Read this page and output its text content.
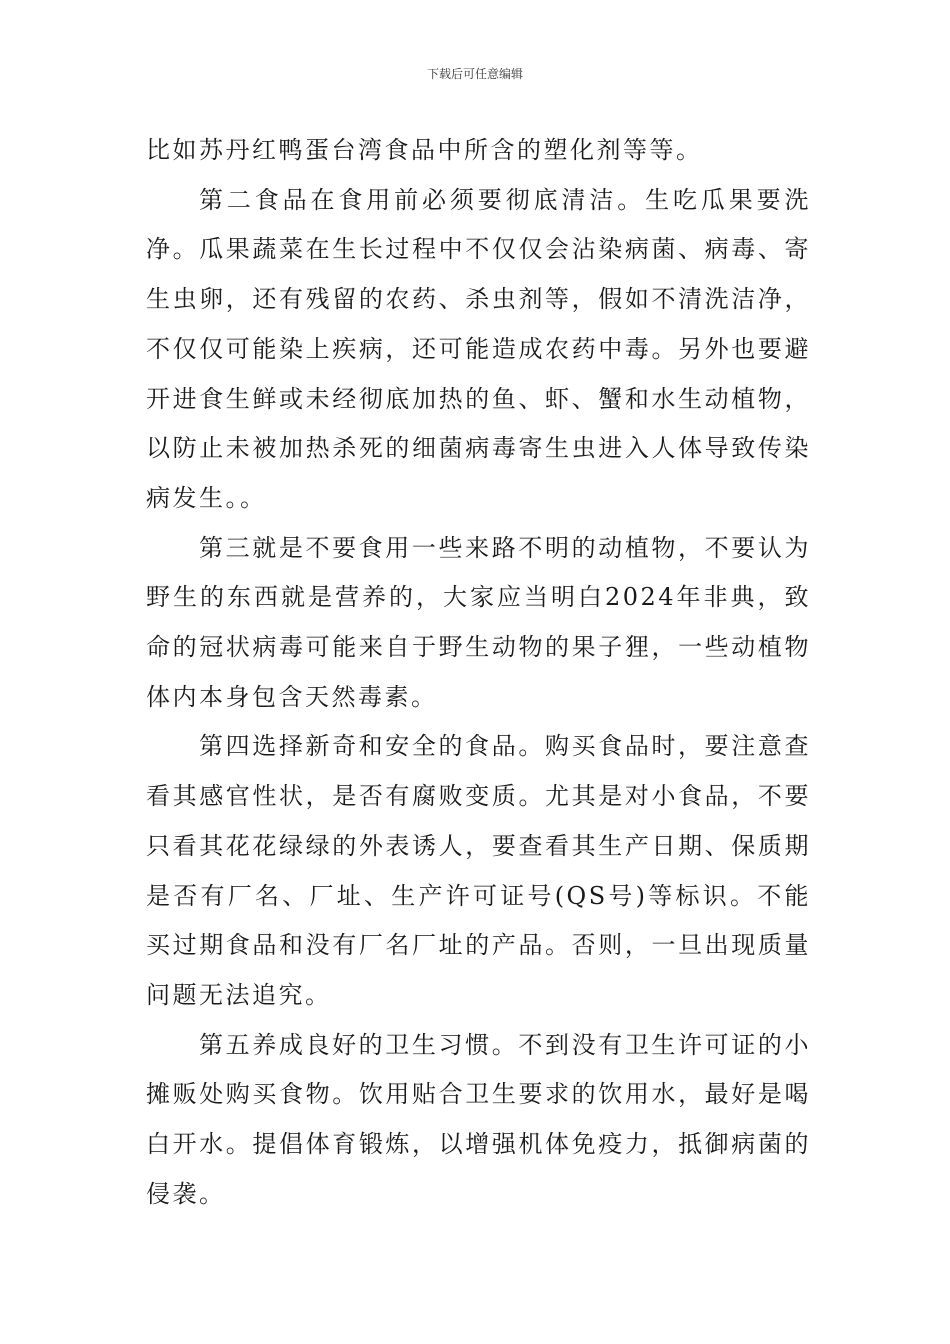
下载后可任意编辑

比如苏丹红鸭蛋台湾食品中所含的塑化剂等等。

第二食品在食用前必须要彻底清洁。生吃瓜果要洗净。瓜果蔬菜在生长过程中不仅仅会沾染病菌、病毒、寄生虫卵，还有残留的农药、杀虫剂等，假如不清洗洁净，不仅仅可能染上疾病，还可能造成农药中毒。另外也要避开进食生鲜或未经彻底加热的鱼、虾、蟹和水生动植物，以防止未被加热杀死的细菌病毒寄生虫进入人体导致传染病发生。。

第三就是不要食用一些来路不明的动植物，不要认为野生的东西就是营养的，大家应当明白2024年非典，致命的冠状病毒可能来自于野生动物的果子狸，一些动植物体内本身包含天然毒素。

第四选择新奇和安全的食品。购买食品时，要注意查看其感官性状，是否有腐败变质。尤其是对小食品，不要只看其花花绿绿的外表诱人，要查看其生产日期、保质期是否有厂名、厂址、生产许可证号(QS号)等标识。不能买过期食品和没有厂名厂址的产品。否则，一旦出现质量问题无法追究。

第五养成良好的卫生习惯。不到没有卫生许可证的小摊贩处购买食物。饮用贴合卫生要求的饮用水，最好是喝白开水。提倡体育锻炼，以增强机体免疫力，抵御病菌的侵袭。
